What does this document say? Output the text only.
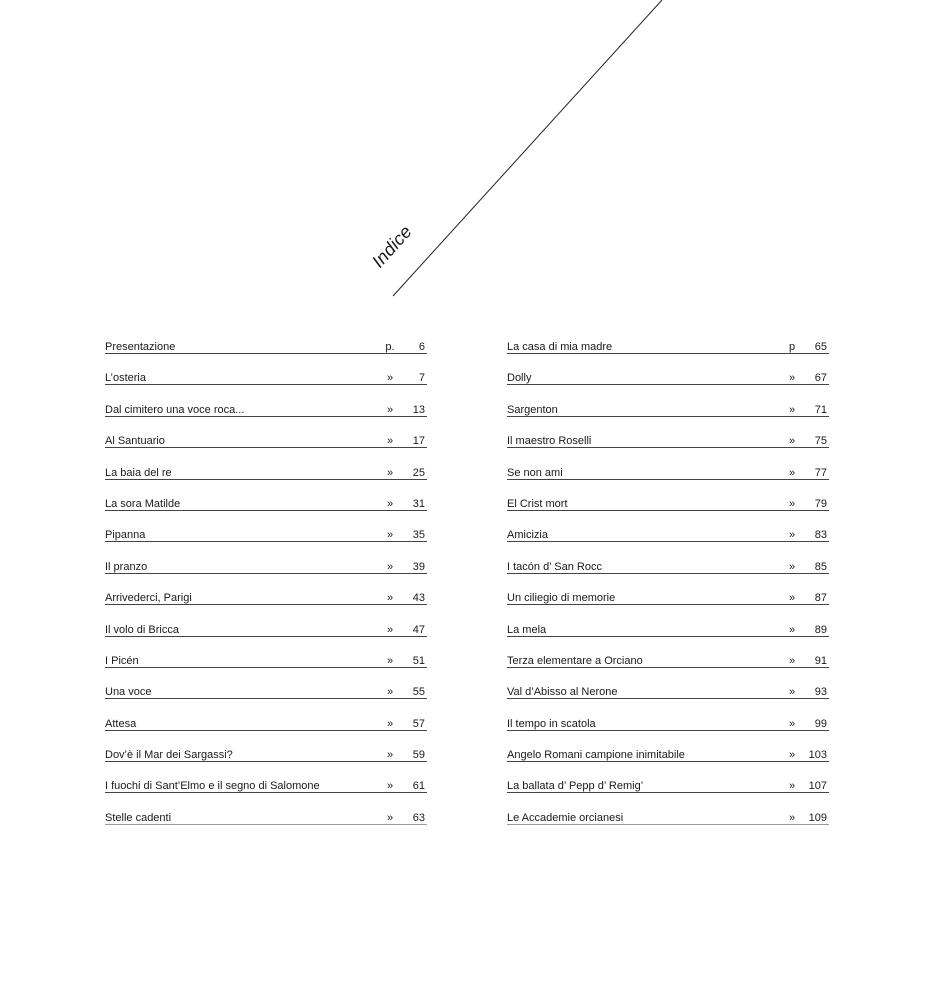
Indice
Presentazione	p. 6
L’osteria	»	7
Dal cimitero una voce roca...	»	13
Al Santuario	»	17
La baia del re	»	25
La sora Matilde	»	31
Pipanna	»	35
Il pranzo	»	39
Arrivederci, Parigi	»	43
Il volo di Bricca	»	47
I Picén	»	51
Una voce	»	55
Attesa	»	57
Dov’è il Mar dei Sargassi?	»	59
I fuochi di Sant’Elmo e il segno di Salomone	»	61
Stelle cadenti	»	63
La casa di mia madre	p	65
Dolly	»	67
Sargenton	»	71
Il maestro Roselli	»	75
Se non ami	»	77
El Crist mort	»	79
Amicizia	»	83
I tacón d’ San Rocc	»	85
Un ciliegio di memorie	»	87
La mela	»	89
Terza elementare a Orciano	»	91
Val d’Abisso al Nerone	»	93
Il tempo in scatola	»	99
Angelo Romani campione inimitabile	»	103
La ballata d’ Pepp d’ Remig’	»	107
Le Accademie orcianesi	»	109
